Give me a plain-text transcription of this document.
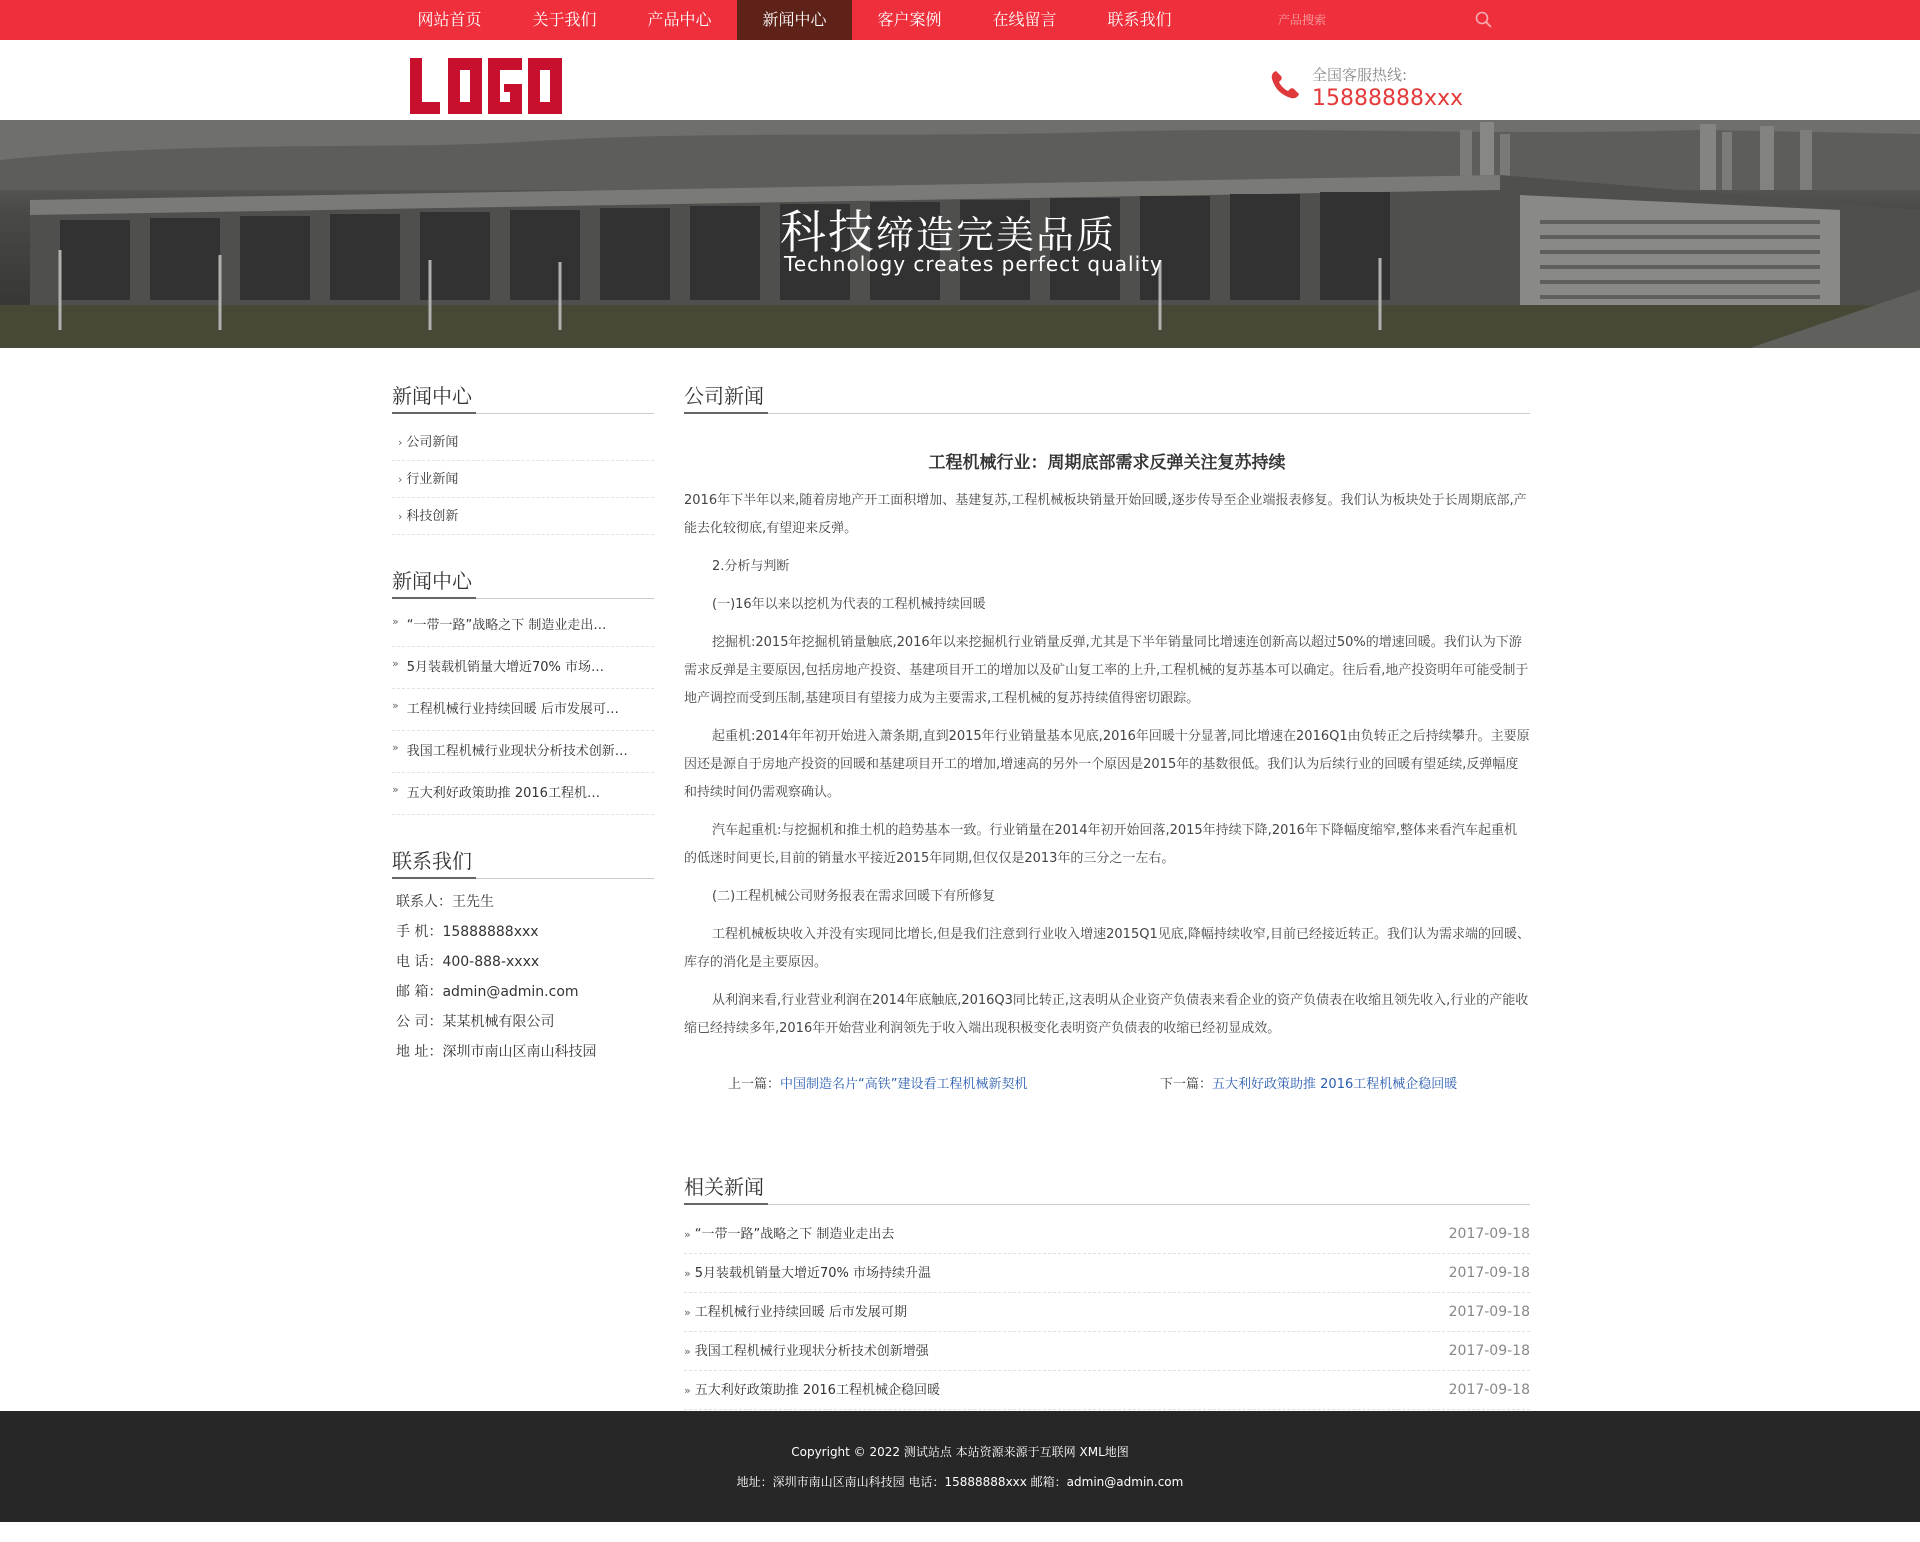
网站首页	关于我们	产品中心	新闻中心	客户案例	在线留言	联系我们
产品搜索
全国客服热线:
15888888xxx
科技缔造完美品质
Technology creates perfect quality
新闻中心
› 公司新闻
› 行业新闻
› 科技创新
新闻中心
» “一带一路”战略之下 制造业走出…
» 5月装载机销量大增近70% 市场…
» 工程机械行业持续回暖 后市发展可…
» 我国工程机械行业现状分析技术创新…
» 五大利好政策助推 2016工程机…
联系我们
联系人：王先生
手 机：15888888xxx
电 话：400-888-xxxx
邮 箱：admin@admin.com
公 司：某某机械有限公司
地 址：深圳市南山区南山科技园
公司新闻
工程机械行业：周期底部需求反弹关注复苏持续

2016年下半年以来,随着房地产开工面积增加、基建复苏,工程机械板块销量开始回暖,逐步传导至企业端报表修复。我们认为板块处于长周期底部,产能去化较彻底,有望迎来反弹。

2.分析与判断

(一)16年以来以挖机为代表的工程机械持续回暖

挖掘机:2015年挖掘机销量触底,2016年以来挖掘机行业销量反弹,尤其是下半年销量同比增速连创新高以超过50%的增速回暖。我们认为下游需求反弹是主要原因,包括房地产投资、基建项目开工的增加以及矿山复工率的上升,工程机械的复苏基本可以确定。往后看,地产投资明年可能受制于地产调控而受到压制,基建项目有望接力成为主要需求,工程机械的复苏持续值得密切跟踪。

起重机:2014年年初开始进入萧条期,直到2015年行业销量基本见底,2016年回暖十分显著,同比增速在2016Q1由负转正之后持续攀升。主要原因还是源自于房地产投资的回暖和基建项目开工的增加,增速高的另外一个原因是2015年的基数很低。我们认为后续行业的回暖有望延续,反弹幅度和持续时间仍需观察确认。

汽车起重机:与挖掘机和推土机的趋势基本一致。行业销量在2014年初开始回落,2015年持续下降,2016年下降幅度缩窄,整体来看汽车起重机的低迷时间更长,目前的销量水平接近2015年同期,但仅仅是2013年的三分之一左右。

(二)工程机械公司财务报表在需求回暖下有所修复

工程机械板块收入并没有实现同比增长,但是我们注意到行业收入增速2015Q1见底,降幅持续收窄,目前已经接近转正。我们认为需求端的回暖、库存的消化是主要原因。

从利润来看,行业营业利润在2014年底触底,2016Q3同比转正,这表明从企业资产负债表来看企业的资产负债表在收缩且领先收入,行业的产能收缩已经持续多年,2016年开始营业利润领先于收入端出现积极变化表明资产负债表的收缩已经初显成效。

上一篇：中国制造名片“高铁”建设看工程机械新契机	下一篇：五大利好政策助推 2016工程机械企稳回暖
相关新闻
» “一带一路”战略之下 制造业走出去	2017-09-18
» 5月装载机销量大增近70% 市场持续升温	2017-09-18
» 工程机械行业持续回暖 后市发展可期	2017-09-18
» 我国工程机械行业现状分析技术创新增强	2017-09-18
» 五大利好政策助推 2016工程机械企稳回暖	2017-09-18
Copyright © 2022 测试站点 本站资源来源于互联网 XML地图
地址：深圳市南山区南山科技园 电话：15888888xxx 邮箱：admin@admin.com
